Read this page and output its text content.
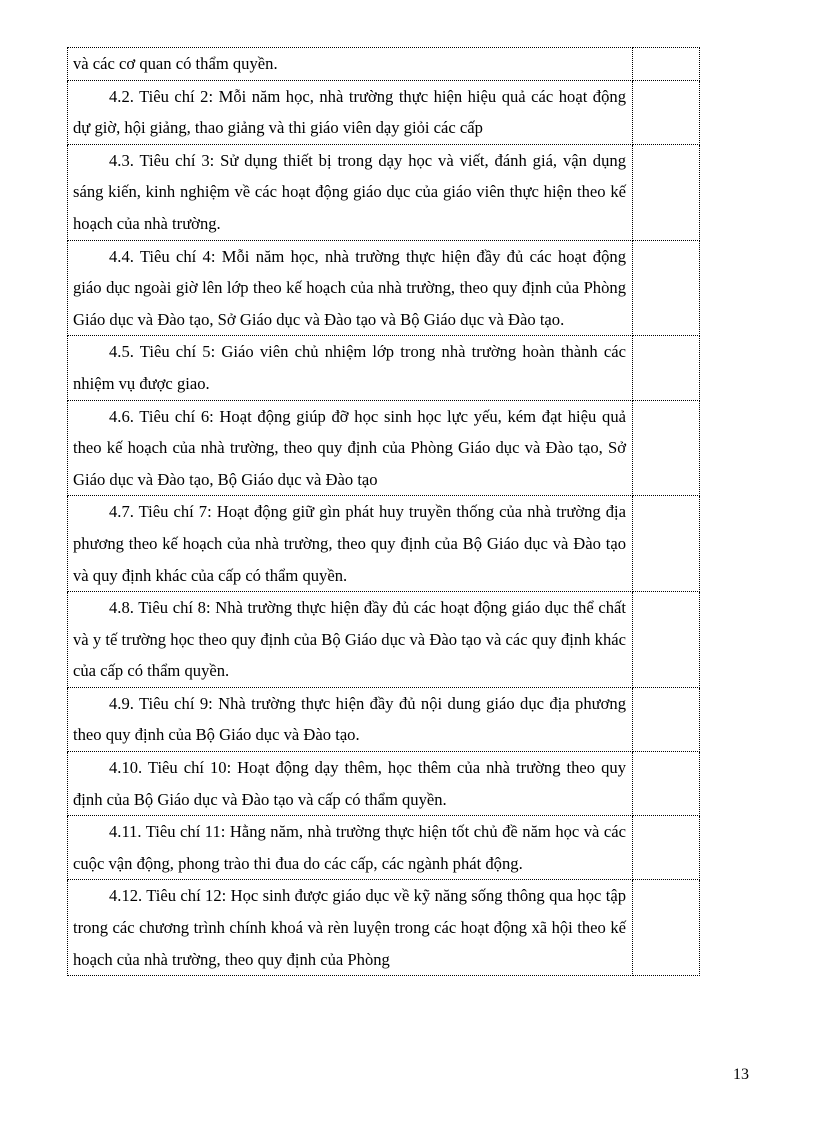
và các cơ quan có thẩm quyền.	

4.2. Tiêu chí 2: Mỗi năm học, nhà trường thực hiện hiệu quả các hoạt động dự giờ, hội giảng, thao giảng và thi giáo viên dạy giỏi các cấp	

4.3. Tiêu chí 3: Sử dụng thiết bị trong dạy học và viết, đánh giá, vận dụng sáng kiến, kinh nghiệm về các hoạt động giáo dục của giáo viên thực hiện theo kế hoạch của nhà trường.	

4.4. Tiêu chí 4: Mỗi năm học, nhà trường thực hiện đầy đủ các hoạt động giáo dục ngoài giờ lên lớp theo kế hoạch của nhà trường, theo quy định của Phòng Giáo dục và Đào tạo, Sở Giáo dục và Đào tạo và Bộ Giáo dục và Đào tạo.	

4.5. Tiêu chí 5: Giáo viên chủ nhiệm lớp trong nhà trường hoàn thành các nhiệm vụ được giao.	

4.6. Tiêu chí 6: Hoạt động giúp đỡ học sinh học lực yếu, kém đạt hiệu quả theo kế hoạch của nhà trường, theo quy định của Phòng Giáo dục và Đào tạo, Sở Giáo dục và Đào tạo, Bộ Giáo dục và Đào tạo	

4.7. Tiêu chí 7: Hoạt động giữ gìn phát huy truyền thống của nhà trường địa phương theo kế hoạch của nhà trường, theo quy định của Bộ Giáo dục và Đào tạo và quy định khác của cấp có thẩm quyền.	

4.8. Tiêu chí 8: Nhà trường thực hiện đầy đủ các hoạt động giáo dục thể chất và y tế trường học theo quy định của Bộ Giáo dục và Đào tạo và các quy định khác của cấp có thẩm quyền.	

4.9. Tiêu chí 9: Nhà trường thực hiện đầy đủ nội dung giáo dục địa phương theo quy định của Bộ Giáo dục và Đào tạo.	

4.10. Tiêu chí 10: Hoạt động dạy thêm, học thêm của nhà trường theo quy định của Bộ Giáo dục và Đào tạo và cấp có thẩm quyền.	

4.11. Tiêu chí 11: Hằng năm, nhà trường thực hiện tốt chủ đề năm học và các cuộc vận động, phong trào thi đua do các cấp, các ngành phát động.	

4.12. Tiêu chí 12: Học sinh được giáo dục về kỹ năng sống thông qua học tập trong các chương trình chính khoá và rèn luyện trong các hoạt động xã hội theo kế hoạch của nhà trường, theo quy định của Phòng	

13
